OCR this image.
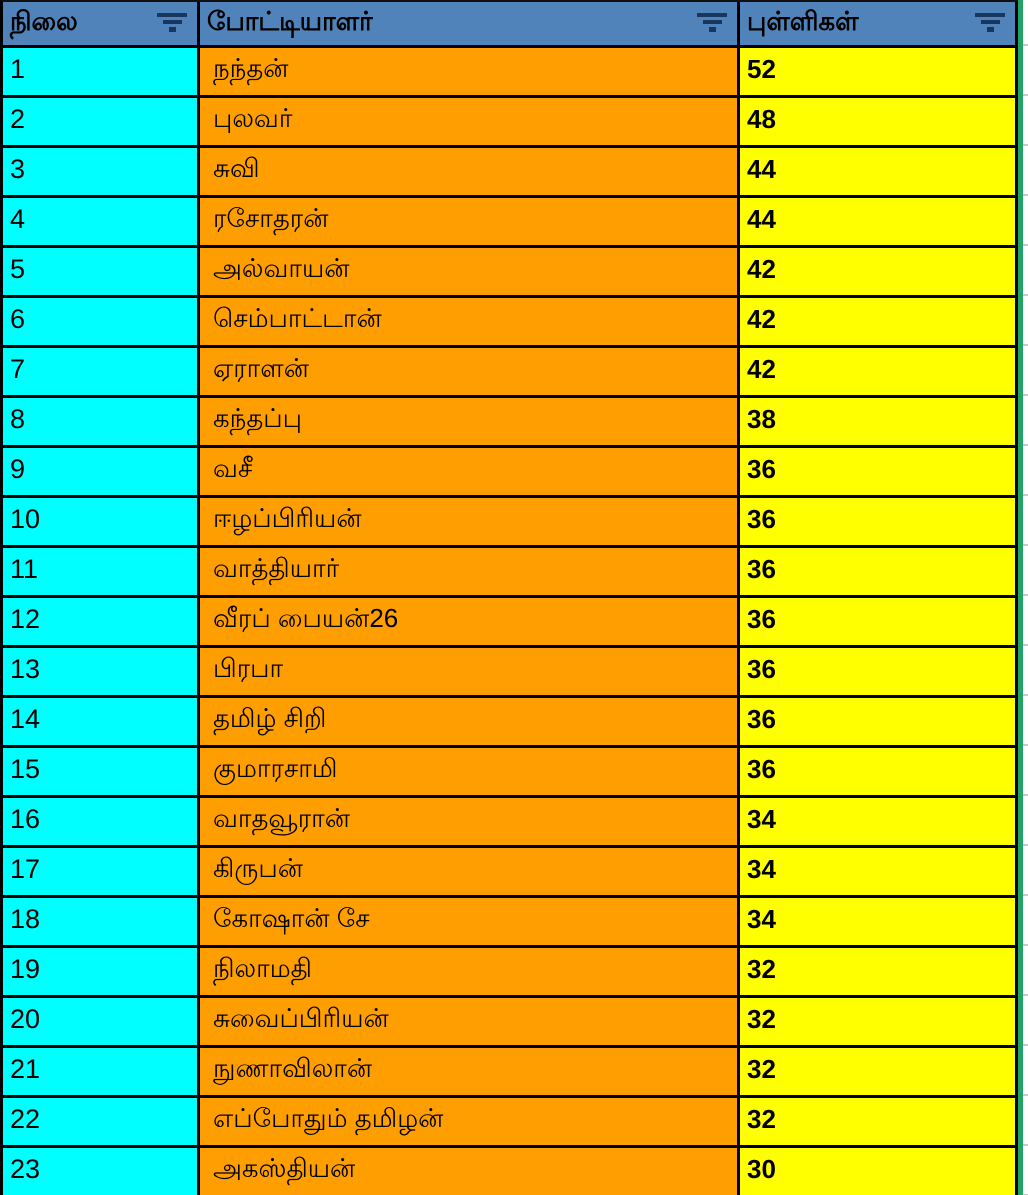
நிலை	போட்டியாளர்	புள்ளிகள்
1	நந்தன்	52
2	புலவர்	48
3	சுவி	44
4	ரசோதரன்	44
5	அல்வாயன்	42
6	செம்பாட்டான்	42
7	ஏராளன்	42
8	கந்தப்பு	38
9	வசீ	36
10	ஈழப்பிரியன்	36
11	வாத்தியார்	36
12	வீரப் பையன்26	36
13	பிரபா	36
14	தமிழ் சிறி	36
15	குமாரசாமி	36
16	வாதவூரான்	34
17	கிருபன்	34
18	கோஷான் சே	34
19	நிலாமதி	32
20	சுவைப்பிரியன்	32
21	நுணாவிலான்	32
22	எப்போதும் தமிழன்	32
23	அகஸ்தியன்	30
